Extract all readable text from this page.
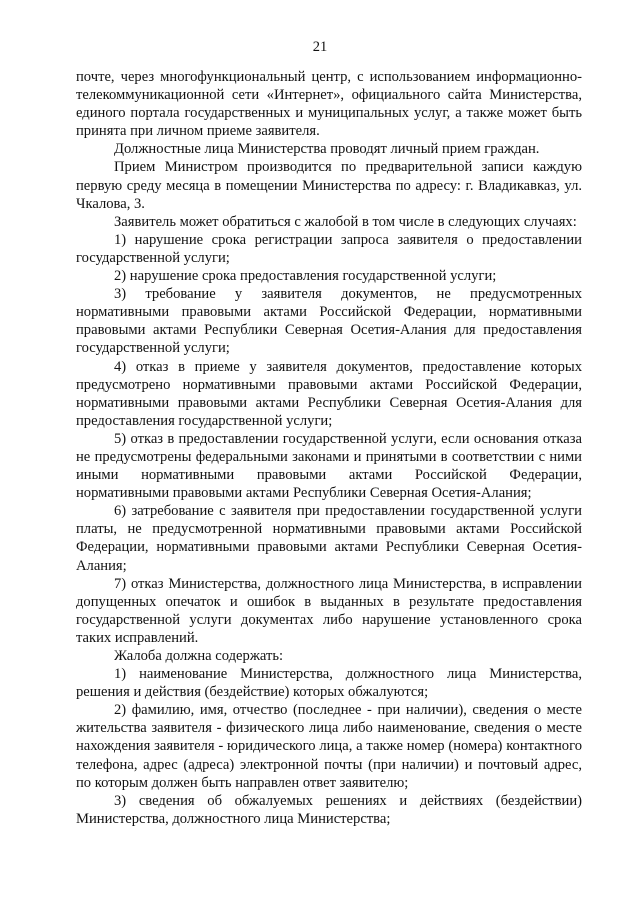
21

почте, через многофункциональный центр, с использованием информационно-телекоммуникационной сети «Интернет», официального сайта Министерства, единого портала государственных и муниципальных услуг, а также может быть принята при личном приеме заявителя.

Должностные лица Министерства проводят личный прием граждан.

Прием Министром производится по предварительной записи каждую первую среду месяца в помещении Министерства по адресу: г. Владикавказ, ул. Чкалова, 3.

Заявитель может обратиться с жалобой в том числе в следующих случаях:

1) нарушение срока регистрации запроса заявителя о предоставлении государственной услуги;

2) нарушение срока предоставления государственной услуги;

3) требование у заявителя документов, не предусмотренных нормативными правовыми актами Российской Федерации, нормативными правовыми актами Республики Северная Осетия-Алания для предоставления государственной услуги;

4) отказ в приеме у заявителя документов, предоставление которых предусмотрено нормативными правовыми актами Российской Федерации, нормативными правовыми актами Республики Северная Осетия-Алания для предоставления государственной услуги;

5) отказ в предоставлении государственной услуги, если основания отказа не предусмотрены федеральными законами и принятыми в соответствии с ними иными нормативными правовыми актами Российской Федерации, нормативными правовыми актами Республики Северная Осетия-Алания;

6) затребование с заявителя при предоставлении государственной услуги платы, не предусмотренной нормативными правовыми актами Российской Федерации, нормативными правовыми актами Республики Северная Осетия-Алания;

7) отказ Министерства, должностного лица Министерства, в исправлении допущенных опечаток и ошибок в выданных в результате предоставления государственной услуги документах либо нарушение установленного срока таких исправлений.

Жалоба должна содержать:

1) наименование Министерства, должностного лица Министерства, решения и действия (бездействие) которых обжалуются;

2) фамилию, имя, отчество (последнее - при наличии), сведения о месте жительства заявителя - физического лица либо наименование, сведения о месте нахождения заявителя - юридического лица, а также номер (номера) контактного телефона, адрес (адреса) электронной почты (при наличии) и почтовый адрес, по которым должен быть направлен ответ заявителю;

3) сведения об обжалуемых решениях и действиях (бездействии) Министерства, должностного лица Министерства;
